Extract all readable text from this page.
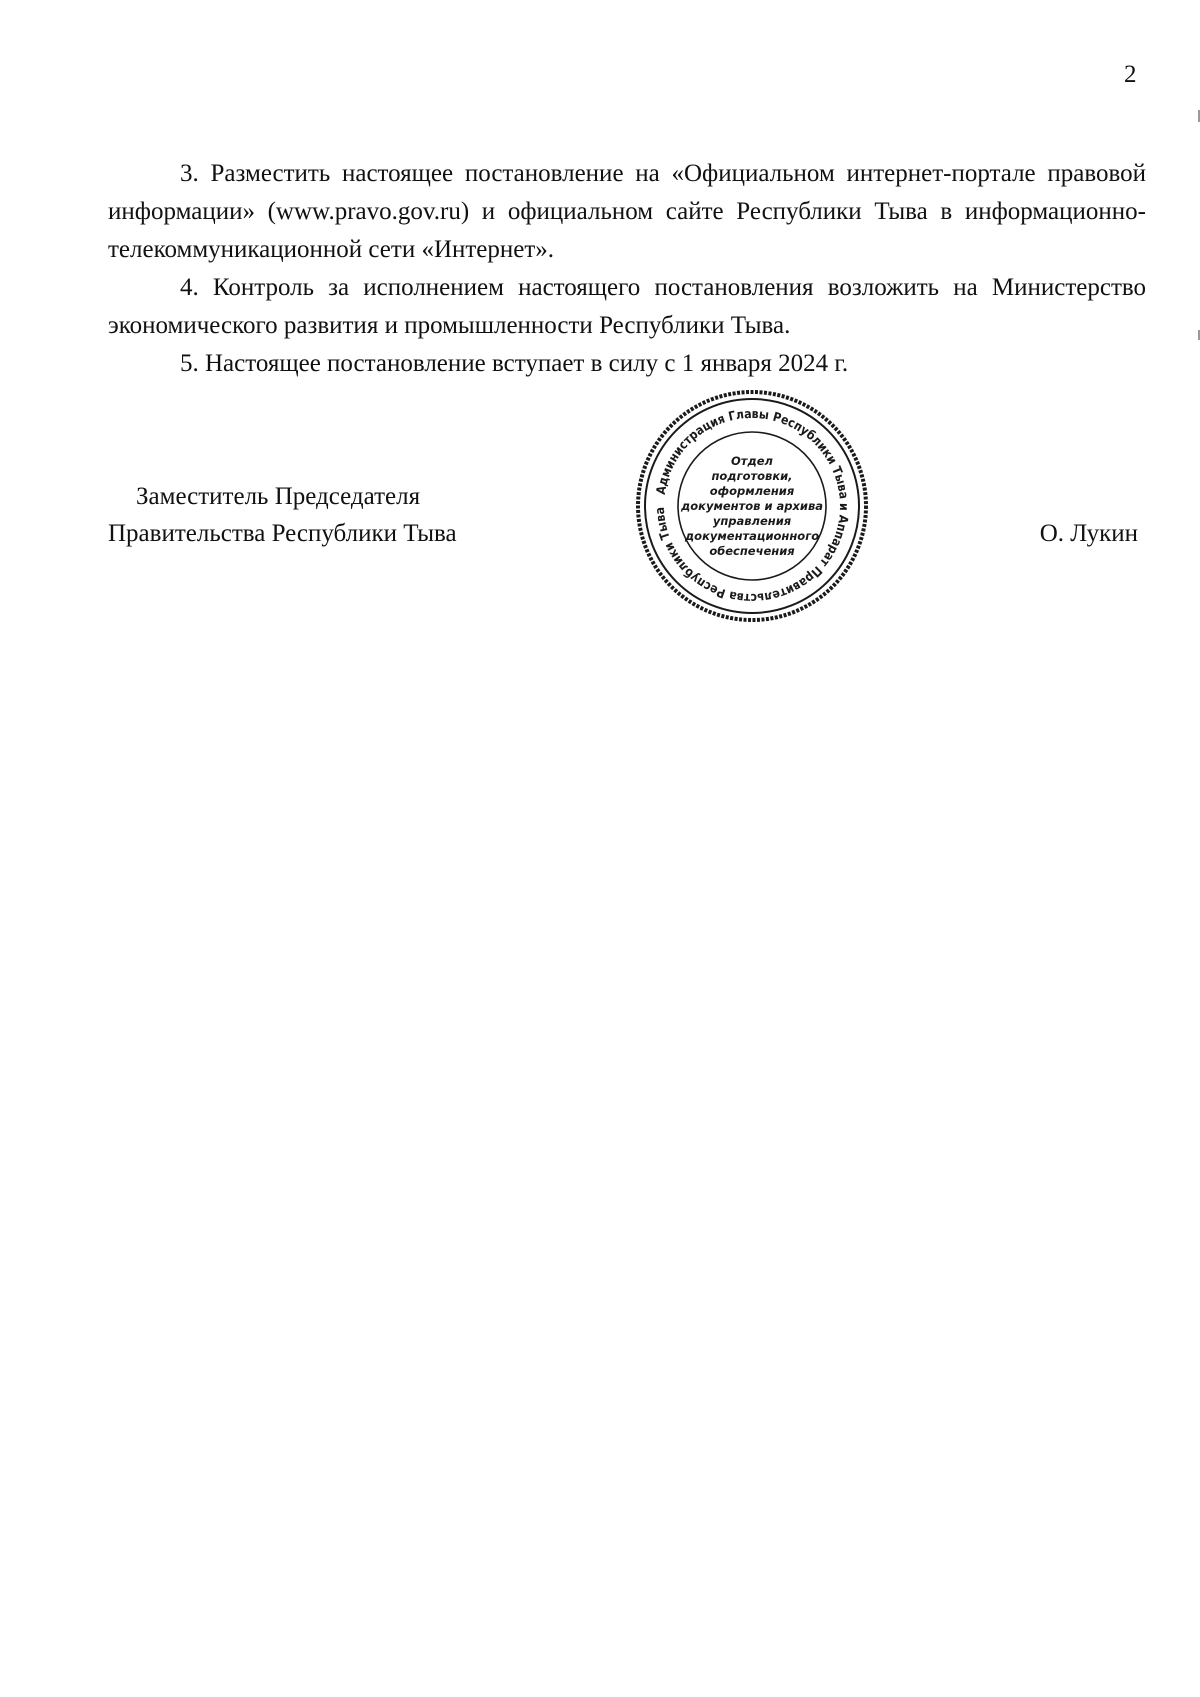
2

3. Разместить настоящее постановление на «Официальном интернет-портале правовой информации» (www.pravo.gov.ru) и официальном сайте Республики Тыва в информационно-телекоммуникационной сети «Интернет».

4. Контроль за исполнением настоящего постановления возложить на Министерство экономического развития и промышленности Республики Тыва.

5. Настоящее постановление вступает в силу с 1 января 2024 г.

Заместитель Председателя
Правительства Республики Тыва	О. Лукин
Администрация Главы Республики Тыва и Аппарат Правительства Республики Тыва
Отдел
подготовки,
оформления
документов и архива
управления
документационного
обеспечения
